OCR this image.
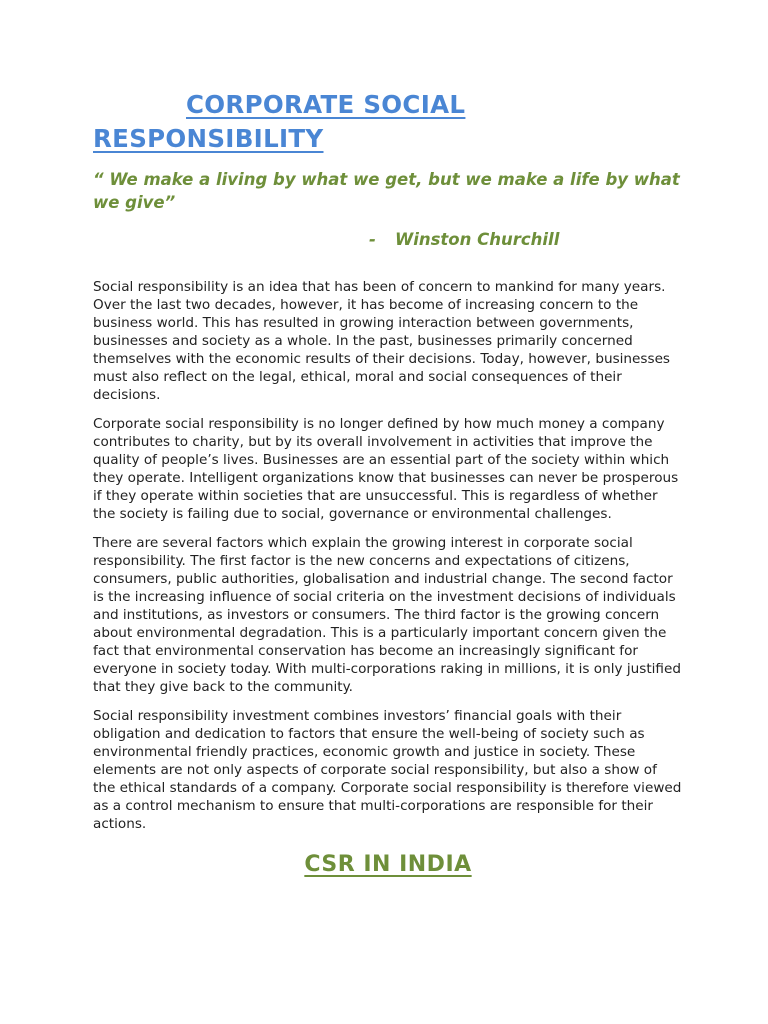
CORPORATE SOCIAL
RESPONSIBILITY

“ We make a living by what we get, but we make a life by what we give”

- Winston Churchill

Social responsibility is an idea that has been of concern to mankind for many years. Over the last two decades, however, it has become of increasing concern to the business world. This has resulted in growing interaction between governments, businesses and society as a whole. In the past, businesses primarily concerned themselves with the economic results of their decisions. Today, however, businesses must also reflect on the legal, ethical, moral and social consequences of their decisions.

Corporate social responsibility is no longer defined by how much money a company contributes to charity, but by its overall involvement in activities that improve the quality of people’s lives. Businesses are an essential part of the society within which they operate. Intelligent organizations know that businesses can never be prosperous if they operate within societies that are unsuccessful. This is regardless of whether the society is failing due to social, governance or environmental challenges.

There are several factors which explain the growing interest in corporate social responsibility. The first factor is the new concerns and expectations of citizens, consumers, public authorities, globalisation and industrial change. The second factor is the increasing influence of social criteria on the investment decisions of individuals and institutions, as investors or consumers. The third factor is the growing concern about environmental degradation. This is a particularly important concern given the fact that environmental conservation has become an increasingly significant for everyone in society today. With multi-corporations raking in millions, it is only justified that they give back to the community.

Social responsibility investment combines investors’ financial goals with their obligation and dedication to factors that ensure the well-being of society such as environmental friendly practices, economic growth and justice in society. These elements are not only aspects of corporate social responsibility, but also a show of the ethical standards of a company. Corporate social responsibility is therefore viewed as a control mechanism to ensure that multi-corporations are responsible for their actions.

CSR IN INDIA
